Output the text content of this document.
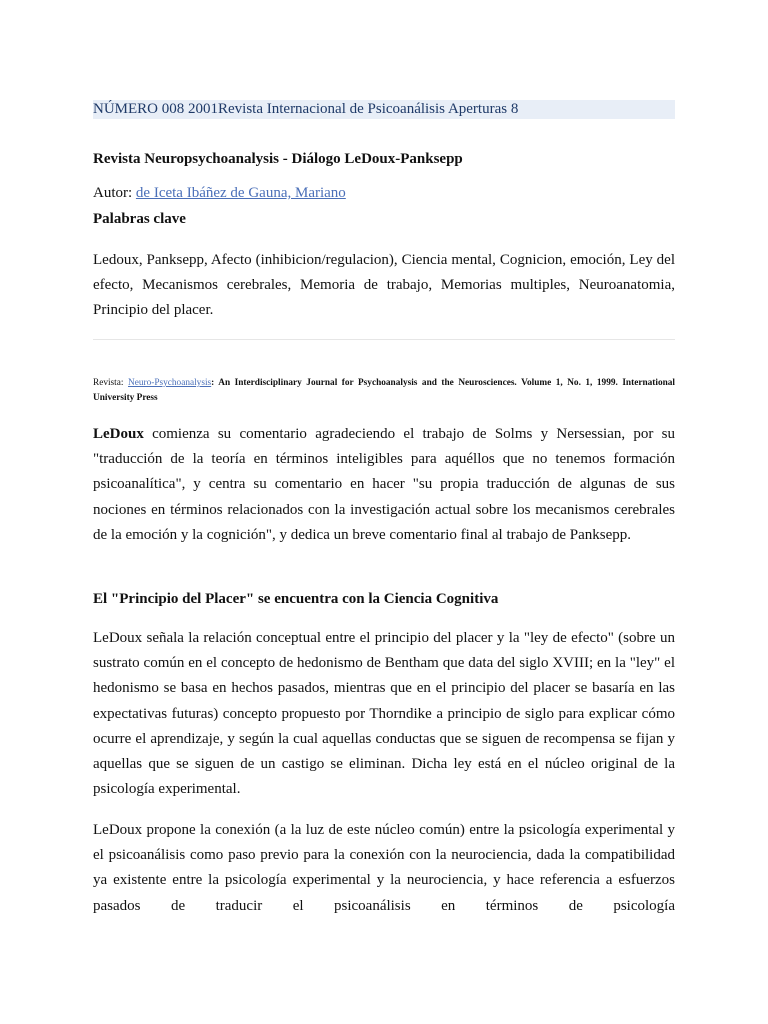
NÚMERO 008 2001Revista Internacional de Psicoanálisis Aperturas 8
Revista Neuropsychoanalysis - Diálogo LeDoux-Panksepp
Autor: de Iceta Ibáñez de Gauna, Mariano
Palabras clave
Ledoux, Panksepp, Afecto (inhibicion/regulacion), Ciencia mental, Cognicion, emoción, Ley del efecto, Mecanismos cerebrales, Memoria de trabajo, Memorias multiples, Neuroanatomia, Principio del placer.
Revista: Neuro-Psychoanalysis: An Interdisciplinary Journal for Psychoanalysis and the Neurosciences. Volume 1, No. 1, 1999. International University Press
LeDoux comienza su comentario agradeciendo el trabajo de Solms y Nersessian, por su "traducción de la teoría en términos inteligibles para aquéllos que no tenemos formación psicoanalítica", y centra su comentario en hacer "su propia traducción de algunas de sus nociones en términos relacionados con la investigación actual sobre los mecanismos cerebrales de la emoción y la cognición", y dedica un breve comentario final al trabajo de Panksepp.
El "Principio del Placer" se encuentra con la Ciencia Cognitiva
LeDoux señala la relación conceptual entre el principio del placer y la "ley de efecto" (sobre un sustrato común en el concepto de hedonismo de Bentham que data del siglo XVIII; en la "ley" el hedonismo se basa en hechos pasados, mientras que en el principio del placer se basaría en las expectativas futuras) concepto propuesto por Thorndike a principio de siglo para explicar cómo ocurre el aprendizaje, y según la cual aquellas conductas que se siguen de recompensa se fijan y aquellas que se siguen de un castigo se eliminan. Dicha ley está en el núcleo original de la psicología experimental.
LeDoux propone la conexión (a la luz de este núcleo común) entre la psicología experimental y el psicoanálisis como paso previo para la conexión con la neurociencia, dada la compatibilidad ya existente entre la psicología experimental y la neurociencia, y hace referencia a esfuerzos pasados de traducir el psicoanálisis en términos de psicología
